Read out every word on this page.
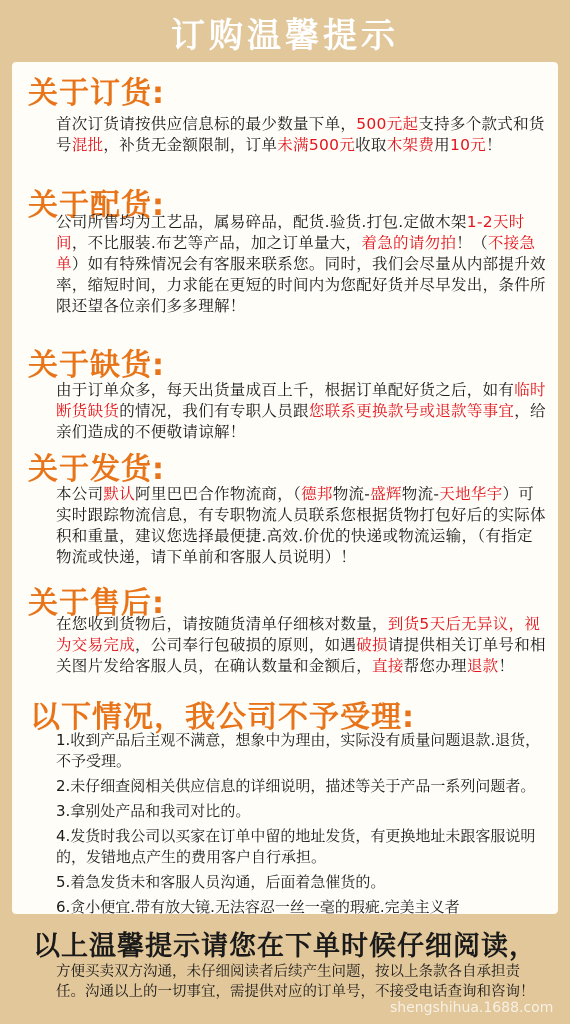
订购温馨提示
关于订货:
首次订货请按供应信息标的最少数量下单，500元起支持多个款式和货号混批，补货无金额限制，订单未满500元收取木架费用10元！
关于配货:
公司所售均为工艺品，属易碎品，配货.验货.打包.定做木架1-2天时间，不比服装.布艺等产品，加之订单量大，着急的请勿拍！（不接急单）如有特殊情况会有客服来联系您。同时，我们会尽量从内部提升效率，缩短时间，力求能在更短的时间内为您配好货并尽早发出，条件所限还望各位亲们多多理解！
关于缺货:
由于订单众多，每天出货量成百上千，根据订单配好货之后，如有临时断货缺货的情况，我们有专职人员跟您联系更换款号或退款等事宜，给亲们造成的不便敬请谅解！
关于发货:
本公司默认阿里巴巴合作物流商，（德邦物流-盛辉物流-天地华宇）可实时跟踪物流信息，有专职物流人员联系您根据货物打包好后的实际体积和重量，建议您选择最便捷.高效.价优的快递或物流运输，（有指定物流或快递，请下单前和客服人员说明）！
关于售后:
在您收到货物后，请按随货清单仔细核对数量，到货5天后无异议，视为交易完成，公司奉行包破损的原则，如遇破损请提供相关订单号和相关图片发给客服人员，在确认数量和金额后，直接帮您办理退款！
以下情况，我公司不予受理:
1.收到产品后主观不满意，想象中为理由，实际没有质量问题退款.退货，不予受理。
2.未仔细查阅相关供应信息的详细说明，描述等关于产品一系列问题者。
3.拿别处产品和我司对比的。
4.发货时我公司以买家在订单中留的地址发货，有更换地址未跟客服说明的，发错地点产生的费用客户自行承担。
5.着急发货未和客服人员沟通，后面着急催货的。
6.贪小便宜.带有放大镜.无法容忍一丝一毫的瑕疵.完美主义者
以上温馨提示请您在下单时候仔细阅读，
方便买卖双方沟通，未仔细阅读者后续产生问题，按以上条款各自承担责任。沟通以上的一切事宜，需提供对应的订单号，不接受电话查询和咨询！
shengshihua.1688.com
